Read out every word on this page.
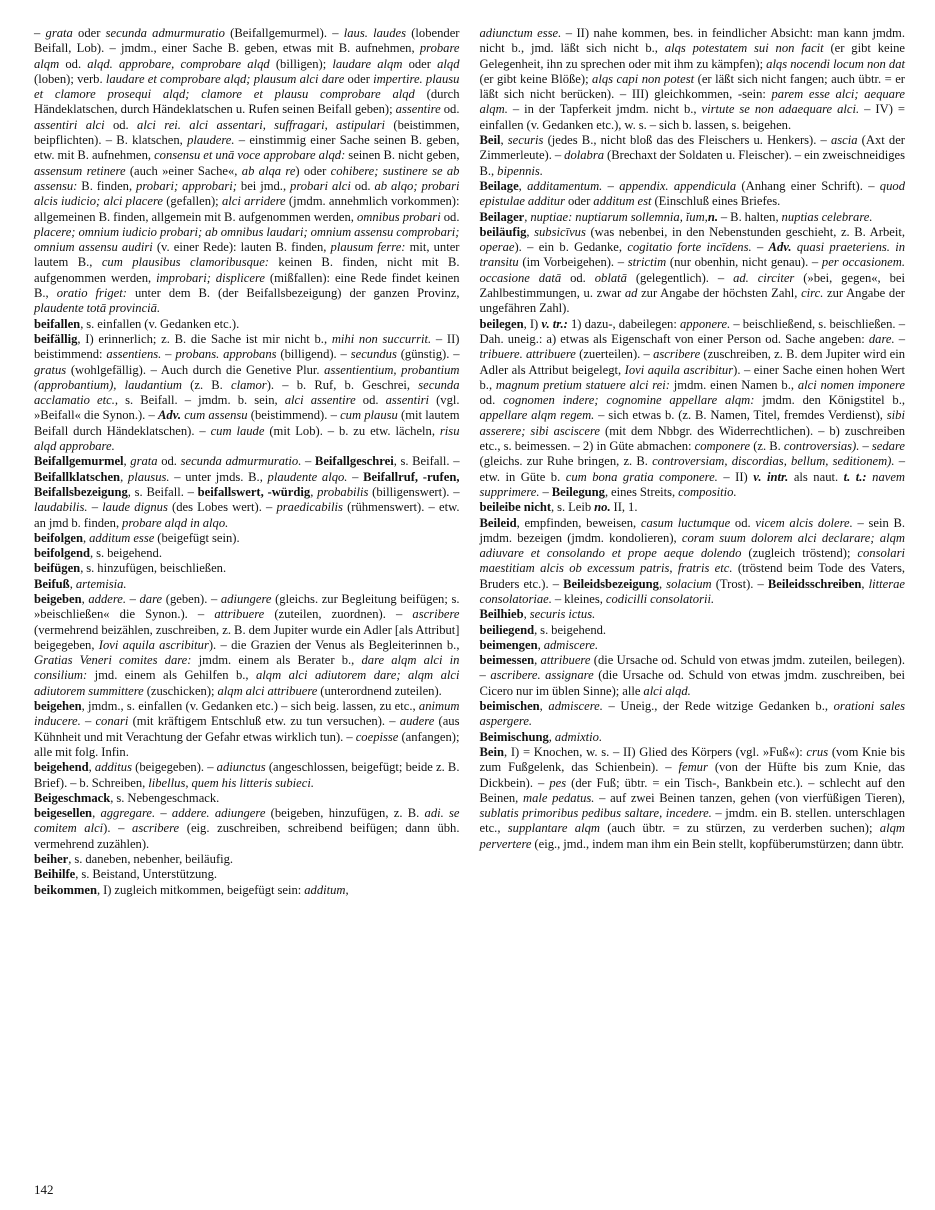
– grata oder secunda admurmuratio (Beifallgemurmel). – laus. laudes (lobender Beifall, Lob). – jmdm., einer Sache B. geben, etwas mit B. aufnehmen, probare alqm od. alqd. approbare, comprobare alqd (billigen); laudare alqm oder alqd (loben); verb. laudare et comprobare alqd; plausum alci dare oder impertire. plausu et clamore prosequi alqd; clamore et plausu comprobare alqd (durch Händeklatschen, durch Händeklatschen u. Rufen seinen Beifall geben); assentire od. assentiri alci od. alci rei. alci assentari, suffragari, astipulari (beistimmen, beipflichten). – B. klatschen, plaudere. – einstimmig einer Sache seinen B. geben, etw. mit B. aufnehmen, consensu et unā voce approbare alqd: seinen B. nicht geben, assensum retinere (auch »einer Sache«, ab alqa re) oder cohibere; sustinere se ab assensu: B. finden, probari; approbari; bei jmd., probari alci od. ab alqo; probari alcis iudicio; alci placere (gefallen); alci arridere (jmdm. annehmlich vorkommen): allgemeinen B. finden, allgemein mit B. aufgenommen werden, omnibus probari od. placere; omnium iudicio probari; ab omnibus laudari; omnium assensu comprobari; omnium assensu audiri (v. einer Rede): lauten B. finden, plausum ferre: mit, unter lautem B., cum plausibus clamoribusque: keinen B. finden, nicht mit B. aufgenommen werden, improbari; displicere (mißfallen): eine Rede findet keinen B., oratio friget: unter dem B. (der Beifallsbezeigung) der ganzen Provinz, plaudente totā provinciā.

beifallen, s. einfallen (v. Gedanken etc.).

beifällig, I) erinnerlich; z. B. die Sache ist mir nicht b., mihi non succurrit. – II) beistimmend: assentiens. – probans. approbans (billigend). – secundus (günstig). – gratus (wohlgefällig). – Auch durch die Genetive Plur. assentientium, probantium (approbantium), laudantium (z. B. clamor). – b. Ruf, b. Geschrei, secunda acclamatio etc., s. Beifall. – jmdm. b. sein, alci assentire od. assentiri (vgl. »Beifall« die Synon.). – Adv. cum assensu (beistimmend). – cum plausu (mit lautem Beifall durch Händeklatschen). – cum laude (mit Lob). – b. zu etw. lächeln, risu alqd approbare.

Beifallgemurmel, grata od. secunda admurmuratio. – Beifallgeschrei, s. Beifall. – Beifallklatschen, plausus. – unter jmds. B., plaudente alqo. – Beifallruf, -rufen, Beifallsbezeigung, s. Beifall. – beifallswert, -würdig, probabilis (billigenswert). – laudabilis. – laude dignus (des Lobes wert). – praedicabilis (rühmenswert). – etw. an jmd b. finden, probare alqd in alqo.

beifolgen, additum esse (beigefügt sein).

beifolgend, s. beigehend.

beifügen, s. hinzufügen, beischließen.

Beifuß, artemisia.

beigeben, addere. – dare (geben). – adiungere (gleichs. zur Begleitung beifügen; s. »beischließen« die Synon.). – attribuere (zuteilen, zuordnen). – ascribere (vermehrend beizählen, zuschreiben, z. B. dem Jupiter wurde ein Adler [als Attribut] beigegeben, Iovi aquila ascribitur). – die Grazien der Venus als Begleiterinnen b., Gratias Veneri comites dare: jmdm. einem als Berater b., dare alqm alci in consilium: jmd. einem als Gehilfen b., alqm alci adiutorem dare; alqm alci adiutorem summittere (zuschicken); alqm alci attribuere (unterordnend zuteilen).

beigehen, jmdm., s. einfallen (v. Gedanken etc.) – sich beig. lassen, zu etc., animum inducere. – conari (mit kräftigem Entschluß etw. zu tun versuchen). – audere (aus Kühnheit und mit Verachtung der Gefahr etwas wirklich tun). – coepisse (anfangen); alle mit folg. Infin.

beigehend, additus (beigegeben). – adiunctus (angeschlossen, beigefügt; beide z. B. Brief). – b. Schreiben, libellus, quem his litteris subieci.

Beigeschmack, s. Nebengeschmack.

beigesellen, aggregare. – addere. adiungere (beigeben, hinzufügen, z. B. adi. se comitem alci). – ascribere (eig. zuschreiben, schreibend beifügen; dann übh. vermehrend zuzählen).

beiher, s. daneben, nebenher, beiläufig.

Beihilfe, s. Beistand, Unterstützung.

beikommen, I) zugleich mitkommen, beigefügt sein: additum,

adiunctum esse. – II) nahe kommen, bes. in feindlicher Absicht: man kann jmdm. nicht b., jmd. läßt sich nicht b., alqs potestatem sui non facit (er gibt keine Gelegenheit, ihn zu sprechen oder mit ihm zu kämpfen); alqs nocendi locum non dat (er gibt keine Blöße); alqs capi non potest (er läßt sich nicht fangen; auch übtr. = er läßt sich nicht berücken). – III) gleichkommen, -sein: parem esse alci; aequare alqm. – in der Tapferkeit jmdm. nicht b., virtute se non adaequare alci. – IV) = einfallen (v. Gedanken etc.), w. s. – sich b. lassen, s. beigehen.

Beil, securis (jedes B., nicht bloß das des Fleischers u. Henkers). – ascia (Axt der Zimmerleute). – dolabra (Brechaxt der Soldaten u. Fleischer). – ein zweischneidiges B., bipennis.

Beilage, additamentum. – appendix. appendicula (Anhang einer Schrift). – quod epistulae additur oder additum est (Einschluß eines Briefes.

Beilager, nuptiae: nuptiarum sollemnia, ĭum,n. – B. halten, nuptias celebrare.

beiläufig, subsicīvus (was nebenbei, in den Nebenstunden geschieht, z. B. Arbeit, operae). – ein b. Gedanke, cogitatio forte incīdens. – Adv. quasi praeteriens. in transitu (im Vorbeigehen). – strictim (nur obenhin, nicht genau). – per occasionem. occasione datā od. oblatā (gelegentlich). – ad. circiter (»bei, gegen«, bei Zahlbestimmungen, u. zwar ad zur Angabe der höchsten Zahl, circ. zur Angabe der ungefähren Zahl).

beilegen, I) v. tr.: 1) dazu-, dabeilegen: apponere. – beischließend, s. beischließen. – Dah. uneig.: a) etwas als Eigenschaft von einer Person od. Sache angeben: dare. – tribuere. attribuere (zuerteilen). – ascribere (zuschreiben, z. B. dem Jupiter wird ein Adler als Attribut beigelegt, Iovi aquila ascribitur). – einer Sache einen hohen Wert b., magnum pretium statuere alci rei: jmdm. einen Namen b., alci nomen imponere od. cognomen indere; cognomine appellare alqm: jmdm. den Königstitel b., appellare alqm regem. – sich etwas b. (z. B. Namen, Titel, fremdes Verdienst), sibi asserere; sibi asciscere (mit dem Nbbgr. des Widerrechtlichen). – b) zuschreiben etc., s. beimessen. – 2) in Güte abmachen: componere (z. B. controversias). – sedare (gleichs. zur Ruhe bringen, z. B. controversiam, discordias, bellum, seditionem). – etw. in Güte b. cum bona gratia componere. – II) v. intr. als naut. t. t.: navem supprimere. – Beilegung, eines Streits, compositio.

beileibe nicht, s. Leib no. II, 1.

Beileid, empfinden, beweisen, casum luctumque od. vicem alcis dolere. – sein B. jmdm. bezeigen (jmdm. kondolieren), coram suum dolorem alci declarare; alqm adiuvare et consolando et prope aeque dolendo (zugleich tröstend); consolari maestitiam alcis ob excessum patris, fratris etc. (tröstend beim Tode des Vaters, Bruders etc.). – Beileidsbezeigung, solacium (Trost). – Beileidsschreiben, litterae consolatoriae. – kleines, codicilli consolatorii.

Beilhieb, securis ictus.

beiliegend, s. beigehend.

beimengen, admiscere.

beimessen, attribuere (die Ursache od. Schuld von etwas jmdm. zuteilen, beilegen). – ascribere. assignare (die Ursache od. Schuld von etwas jmdm. zuschreiben, bei Cicero nur im üblen Sinne); alle alci alqd.

beimischen, admiscere. – Uneig., der Rede witzige Gedanken b., orationi sales aspergere.

Beimischung, admixtio.

Bein, I) = Knochen, w. s. – II) Glied des Körpers (vgl. »Fuß«): crus (vom Knie bis zum Fußgelenk, das Schienbein). – femur (von der Hüfte bis zum Knie, das Dickbein). – pes (der Fuß; übtr. = ein Tisch-, Bankbein etc.). – schlecht auf den Beinen, male pedatus. – auf zwei Beinen tanzen, gehen (von vierfüßigen Tieren), sublatis primoribus pedibus saltare, incedere. – jmdm. ein B. stellen. unterschlagen etc., supplantare alqm (auch übtr. = zu stürzen, zu verderben suchen); alqm pervertere (eig., jmd., indem man ihm ein Bein stellt, kopfüberumstürzen; dann übtr.

142
